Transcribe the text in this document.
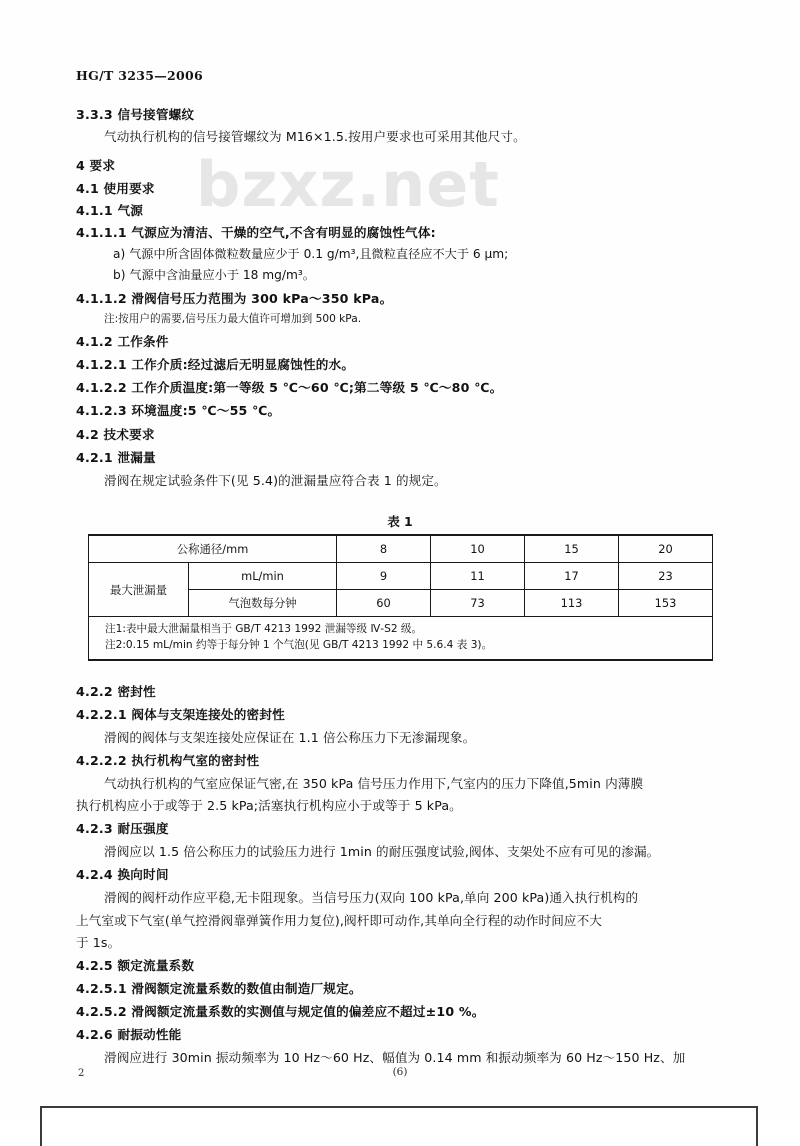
bzxz.net
HG/T 3235—2006
3.3.3 信号接管螺纹
气动执行机构的信号接管螺纹为 M16×1.5.按用户要求也可采用其他尺寸。
4 要求
4.1 使用要求
4.1.1 气源
4.1.1.1 气源应为清洁、干燥的空气,不含有明显的腐蚀性气体:
a) 气源中所含固体微粒数量应少于 0.1 g/m³,且微粒直径应不大于 6 μm;
b) 气源中含油量应小于 18 mg/m³。
4.1.1.2 滑阀信号压力范围为 300 kPa～350 kPa。
注:按用户的需要,信号压力最大值许可增加到 500 kPa.
4.1.2 工作条件
4.1.2.1 工作介质:经过滤后无明显腐蚀性的水。
4.1.2.2 工作介质温度:第一等级 5 ℃～60 ℃;第二等级 5 ℃～80 ℃。
4.1.2.3 环境温度:5 ℃～55 ℃。
4.2 技术要求
4.2.1 泄漏量
滑阀在规定试验条件下(见 5.4)的泄漏量应符合表 1 的规定。
表 1
公称通径/mm		8	10	15	20
最大泄漏量	mL/min	9	11	17	23
	气泡数每分钟	60	73	113	153

注1:表中最大泄漏量相当于 GB/T 4213 1992 泄漏等级 Ⅳ-S2 级。
注2:0.15 mL/min 约等于每分钟 1 个气泡(见 GB/T 4213 1992 中 5.6.4 表 3)。					
4.2.2 密封性
4.2.2.1 阀体与支架连接处的密封性
滑阀的阀体与支架连接处应保证在 1.1 倍公称压力下无渗漏现象。
4.2.2.2 执行机构气室的密封性
气动执行机构的气室应保证气密,在 350 kPa 信号压力作用下,气室内的压力下降值,5min 内薄膜
执行机构应小于或等于 2.5 kPa;活塞执行机构应小于或等于 5 kPa。
4.2.3 耐压强度
滑阀应以 1.5 倍公称压力的试验压力进行 1min 的耐压强度试验,阀体、支架处不应有可见的渗漏。
4.2.4 换向时间
滑阀的阀杆动作应平稳,无卡阻现象。当信号压力(双向 100 kPa,单向 200 kPa)通入执行机构的
上气室或下气室(单气控滑阀靠弹簧作用力复位),阀杆即可动作,其单向全行程的动作时间应不大
于 1s。
4.2.5 额定流量系数
4.2.5.1 滑阀额定流量系数的数值由制造厂规定。
4.2.5.2 滑阀额定流量系数的实测值与规定值的偏差应不超过±10 %。
4.2.6 耐振动性能
滑阀应进行 30min 振动频率为 10 Hz～60 Hz、幅值为 0.14 mm 和振动频率为 60 Hz～150 Hz、加
2	(6)
